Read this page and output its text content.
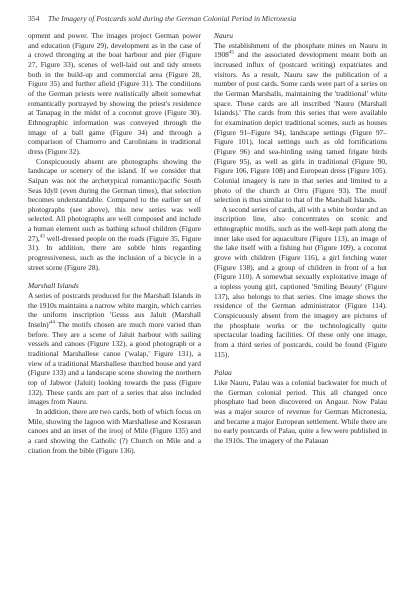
354 The Imagery of Postcards sold during the German Colonial Period in Micronesia

opment and power. The images project German power and education (Figure 29), development as in the case of a crowd thronging at the boat harbour and pier (Figure 27, Figure 33), scenes of well-laid out and tidy streets both in the build-up and commercial area (Figure 28, Figure 35) and further afield (Figure 31). The conditions of the German priests were realistically albeit somewhat romantically portrayed by showing the priest's residence at Tanapag in the midst of a coconut grove (Figure 30). Ethnographic information was conveyed through the image of a ball game (Figure 34) and through a comparison of Chamorro and Carolinians in traditional dress (Figure 32).

Conspicuously absent are photographs showing the landscape or scenery of the island. If we consider that Saipan was not the archetypical romantic/pacific South Seas Idyll (even during the German times), that selection becomes understandable. Compared to the earlier set of photographs (see above), this new series was well selected. All photographs are well composed and include a human element such as bathing school children (Figure 27),$^{43}$ well-dressed people on the roads (Figure 35, Figure 31). In addition, there are subtle hints regarding progressiveness, such as the inclusion of a bicycle in a street scene (Figure 28).

Marshall Islands

A series of postcards produced for the Marshall Islands in the 1910s maintains a narrow white margin, which carries the uniform inscription 'Gruss aus Jaluit (Marshall $Inseln)'^{44}$ The motifs chosen are much more varied than before. They are a scene of Jaluit harbour with sailing vessels and canoes (Figure 132), a good photograph or a traditional Marshallese canoe ('walap,' Figure 131), a view of a traditional Marshallese thatched house and yard (Figure 133) and a landscape scene showing the northern top of Jabwor (Jaluit) looking towards the pass (Figure 132). These cards are part of a series that also included images from Nauru.

In addition, there are two cards, both of which focus on Mile, showing the lagoon with Marshallese and Kosraean canoes and an inset of the irooj of Mile (Figure 135) and a card showing the Catholic (?) Church on Mile and a citation from the bible (Figure 136).

Nauru

The establishment of the phosphate mines on Nauru in 1908$^{45}$ and the associated development meant both an increased influx of (postcard writing) expatriates and visitors. As a result, Nauru saw the publication of a number of post cards. Some cards were part of a series on the German Marshalls, maintaining the 'traditional' white space. These cards are all inscribed 'Nauru (Marshall Islands).' The cards from this series that were available for examination depict traditional scenes, such as houses (Figure 91–Figure 94), landscape settings (Figure 97–Figure 101), local settings such as old fortifications (Figure 96) and sea-birding using tamed frigate birds (Figure 95), as well as girls in traditional (Figure 90, Figure 106, Figure 108) and European dress (Figure 105). Colonial imagery is rare in that series and limited to a photo of the church at Orru (Figure 93). The motif selection is thus similar to that of the Marshall Islands.

A second series of cards, all with a white border and an inscription line, also concentrates on scenic and ethnographic motifs, such as the well-kept path along the inner lake used for aquaculture (Figure 113), an image of the lake itself with a fishing hut (Figure 109), a coconut grove with children (Figure 116), a girl fetching water (Figure 138), and a group of children in front of a hut (Figure 110). A somewhat sexually exploitative image of a topless young girl, captioned 'Smiling Beauty' (Figure 137), also belongs to that series. One image shows the residence of the German administrator (Figure 114). Conspicuously absent from the imagery are pictures of the phosphate works or the technologically quite spectacular loading facilities. Of these only one image, from a third series of postcards, could be found (Figure 115).

Palau

Like Nauru, Palau was a colonial backwater for much of the German colonial period. This all changed once phosphate had been discovered on Angaur. Now Palau was a major source of revenue for German Micronesia, and became a major European settlement. While there are no early postcards of Palau, quite a few were published in the 1910s. The imagery of the Palauan
